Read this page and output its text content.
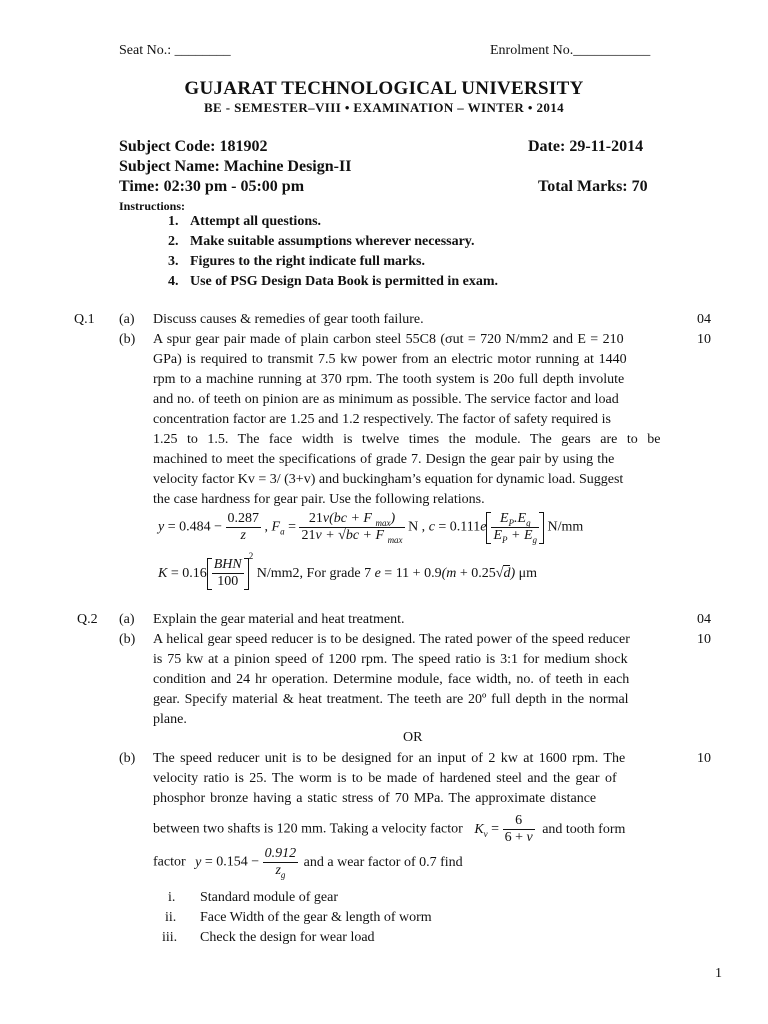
Seat No.: ________	Enrolment No.___________
GUJARAT TECHNOLOGICAL UNIVERSITY
BE - SEMESTER–VIII • EXAMINATION – WINTER • 2014
Subject Code: 181902	Date: 29-11-2014
Subject Name: Machine Design-II
Time: 02:30 pm - 05:00 pm	Total Marks: 70
Instructions:
1. Attempt all questions.
2. Make suitable assumptions wherever necessary.
3. Figures to the right indicate full marks.
4. Use of PSG Design Data Book is permitted in exam.
Q.1 (a) Discuss causes & remedies of gear tooth failure.	04
(b)	10
A spur gear pair made of plain carbon steel 55C8 (σut = 720 N/mm2 and E = 210
GPa) is required to transmit 7.5 kw power from an electric motor running at 1440
rpm to a machine running at 370 rpm. The tooth system is 20o full depth involute
and no. of teeth on pinion are as minimum as possible. The service factor and load
concentration factor are 1.25 and 1.2 respectively. The factor of safety required is
1.25 to 1.5. The face width is twelve times the module. The gears are to be
machined to meet the specifications of grade 7. Design the gear pair by using the
velocity factor Kv = 3/ (3+v) and buckingham’s equation for dynamic load. Suggest
the case hardness for gear pair. Use the following relations.
$y = 0.484 - \frac{0.287}{z}$ , $F_a = \frac{21v(bc + F _{max})}{21v + √bc + F _{max}}$ N , $c = 0.111e \frac{E_P.E_g}{E_P + E_g} N/mm$
$K = 0.16 \frac{\text{BHN}}{100}$
$^2$ N/mm2, For grade 7 e = 11 + 0.9(m + 0.25√d) μm
Q.2 (a) Explain the gear material and heat treatment.	04
(b)	10
A helical gear speed reducer is to be designed. The rated power of the speed reducer
is 75 kw at a pinion speed of 1200 rpm. The speed ratio is 3:1 for medium shock
condition and 24 hr operation. Determine module, face width, no. of teeth in each
gear. Specify material & heat treatment. The teeth are 20º full depth in the normal
plane.
OR
(b)	10
The speed reducer unit is to be designed for an input of 2 kw at 1600 rpm. The
velocity ratio is 25. The worm is to be made of hardened steel and the gear of
phosphor bronze having a static stress of 70 MPa. The approximate distance
between two shafts is 120 mm. Taking a velocity factor $K_v = \frac{6}{6 + v}$ and tooth form
factor $y = 0.154 - \frac{0.912}{z_g}$ and a wear factor of 0.7 find
i. Standard module of gear
ii. Face Width of the gear & length of worm
iii. Check the design for wear load
1
